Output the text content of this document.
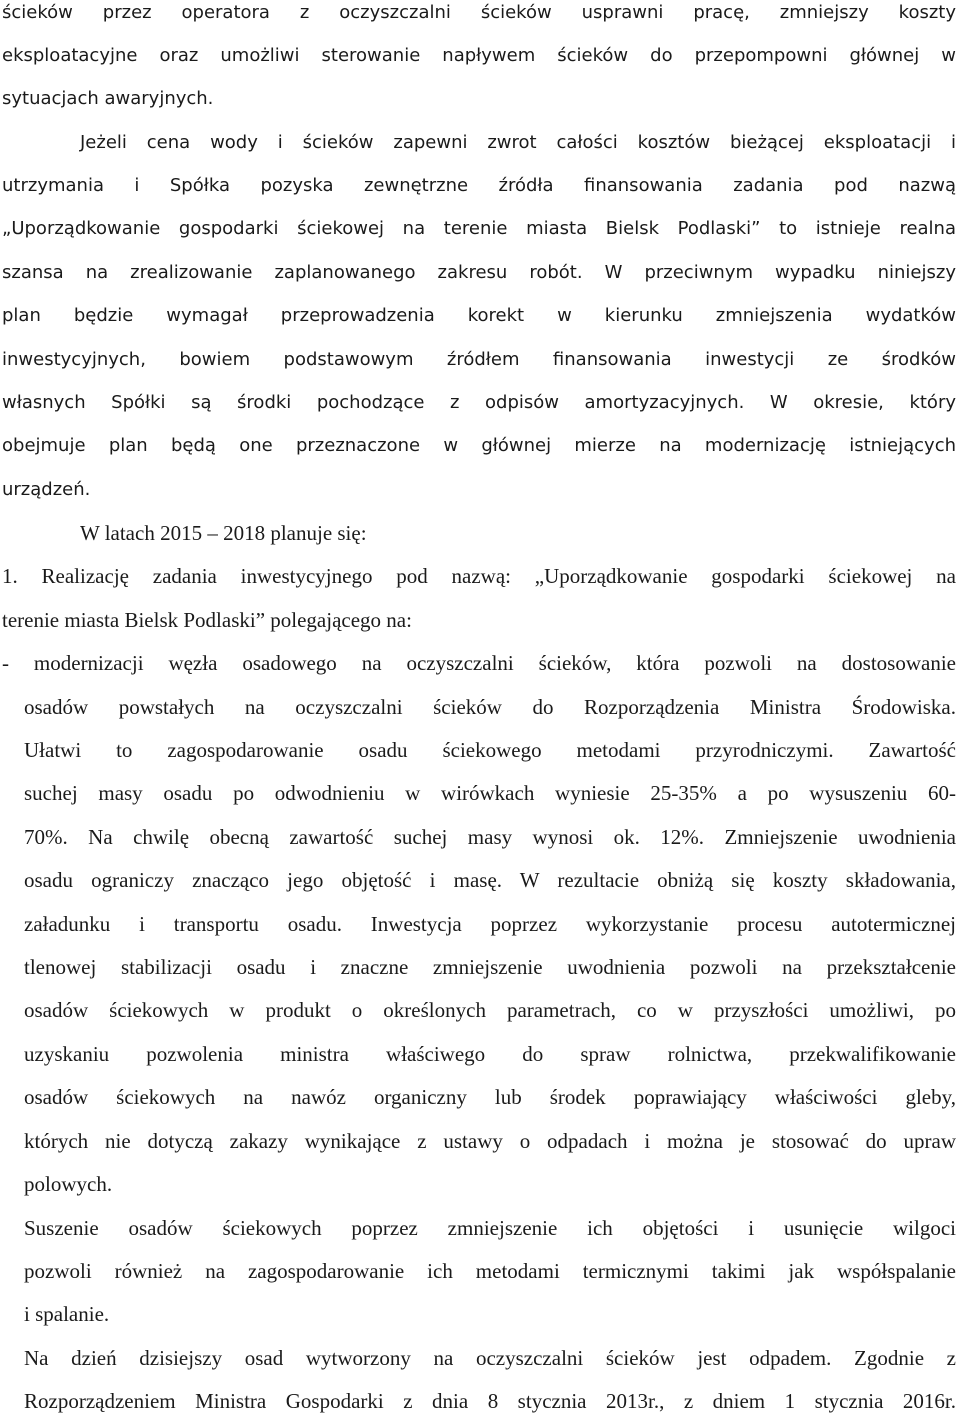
ścieków przez operatora z oczyszczalni ścieków usprawni pracę, zmniejszy koszty
eksploatacyjne oraz umożliwi sterowanie napływem ścieków do przepompowni głównej w
sytuacjach awaryjnych.
Jeżeli cena wody i ścieków zapewni zwrot całości kosztów bieżącej eksploatacji i
utrzymania i Spółka pozyska zewnętrzne źródła finansowania zadania pod nazwą
„Uporządkowanie gospodarki ściekowej na terenie miasta Bielsk Podlaski” to istnieje realna
szansa na zrealizowanie zaplanowanego zakresu robót. W przeciwnym wypadku niniejszy
plan będzie wymagał przeprowadzenia korekt w kierunku zmniejszenia wydatków
inwestycyjnych, bowiem podstawowym źródłem finansowania inwestycji ze środków
własnych Spółki są środki pochodzące z odpisów amortyzacyjnych. W okresie, który
obejmuje plan będą one przeznaczone w głównej mierze na modernizację istniejących
urządzeń.
W latach 2015 – 2018 planuje się:
1. Realizację zadania inwestycyjnego pod nazwą: „Uporządkowanie gospodarki ściekowej na
terenie miasta Bielsk Podlaski” polegającego na:
- modernizacji węzła osadowego na oczyszczalni ścieków, która pozwoli na dostosowanie
osadów powstałych na oczyszczalni ścieków do Rozporządzenia Ministra Środowiska.
Ułatwi to zagospodarowanie osadu ściekowego metodami przyrodniczymi. Zawartość
suchej masy osadu po odwodnieniu w wirówkach wyniesie 25-35% a po wysuszeniu 60-
70%. Na chwilę obecną zawartość suchej masy wynosi ok. 12%. Zmniejszenie uwodnienia
osadu ograniczy znacząco jego objętość i masę. W rezultacie obniżą się koszty składowania,
załadunku i transportu osadu. Inwestycja poprzez wykorzystanie procesu autotermicznej
tlenowej stabilizacji osadu i znaczne zmniejszenie uwodnienia pozwoli na przekształcenie
osadów ściekowych w produkt o określonych parametrach, co w przyszłości umożliwi, po
uzyskaniu pozwolenia ministra właściwego do spraw rolnictwa, przekwalifikowanie
osadów ściekowych na nawóz organiczny lub środek poprawiający właściwości gleby,
których nie dotyczą zakazy wynikające z ustawy o odpadach i można je stosować do upraw
polowych.
Suszenie osadów ściekowych poprzez zmniejszenie ich objętości i usunięcie wilgoci
pozwoli również na zagospodarowanie ich metodami termicznymi takimi jak współspalanie
i spalanie.
Na dzień dzisiejszy osad wytworzony na oczyszczalni ścieków jest odpadem. Zgodnie z
Rozporządzeniem Ministra Gospodarki z dnia 8 stycznia 2013r., z dniem 1 stycznia 2016r.
